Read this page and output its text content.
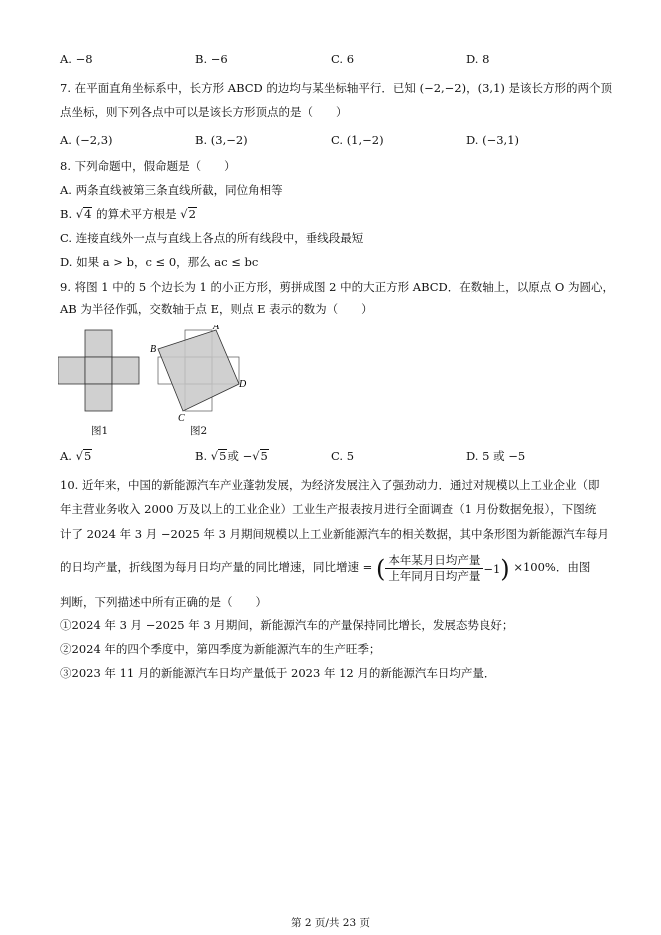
A. −8	B. −6	C. 6	D. 8
7. 在平面直角坐标系中，长方形 ABCD 的边均与某坐标轴平行．已知 (−2,−2)，(3,1) 是该长方形的两个顶
点坐标，则下列各点中可以是该长方形顶点的是（　　）
A. (−2,3)	B. (3,−2)	C. (1,−2)	D. (−3,1)
8. 下列命题中，假命题是（　　）
A. 两条直线被第三条直线所截，同位角相等
B. √4 的算术平方根是 √2
C. 连接直线外一点与直线上各点的所有线段中，垂线段最短
D. 如果 a > b，c ≤ 0，那么 ac ≤ bc
9. 将图 1 中的 5 个边长为 1 的小正方形，剪拼成图 2 中的大正方形 ABCD．在数轴上，以原点 O 为圆心，
AB 为半径作弧，交数轴于点 E，则点 E 表示的数为（　　）
A
B
C
D
图1	图2
A. √5	B. √5或 −√5	C. 5	D. 5 或 −5
10. 近年来，中国的新能源汽车产业蓬勃发展，为经济发展注入了强劲动力．通过对规模以上工业企业（即
年主营业务收入 2000 万及以上的工业企业）工业生产报表按月进行全面调查（1 月份数据免报），下图统
计了 2024 年 3 月 −2025 年 3 月期间规模以上工业新能源汽车的相关数据，其中条形图为新能源汽车每月
的日均产量，折线图为每月日均产量的同比增速，同比增速 = ( $\frac{\text{本年某月日均产量}}{\text{上年同月日均产量}} -1) \times 100\%$．由图
判断，下列描述中所有正确的是（　　）
①2024 年 3 月 −2025 年 3 月期间，新能源汽车的产量保持同比增长，发展态势良好；
②2024 年的四个季度中，第四季度为新能源汽车的生产旺季；
③2023 年 11 月的新能源汽车日均产量低于 2023 年 12 月的新能源汽车日均产量．
第 2 页/共 23 页
